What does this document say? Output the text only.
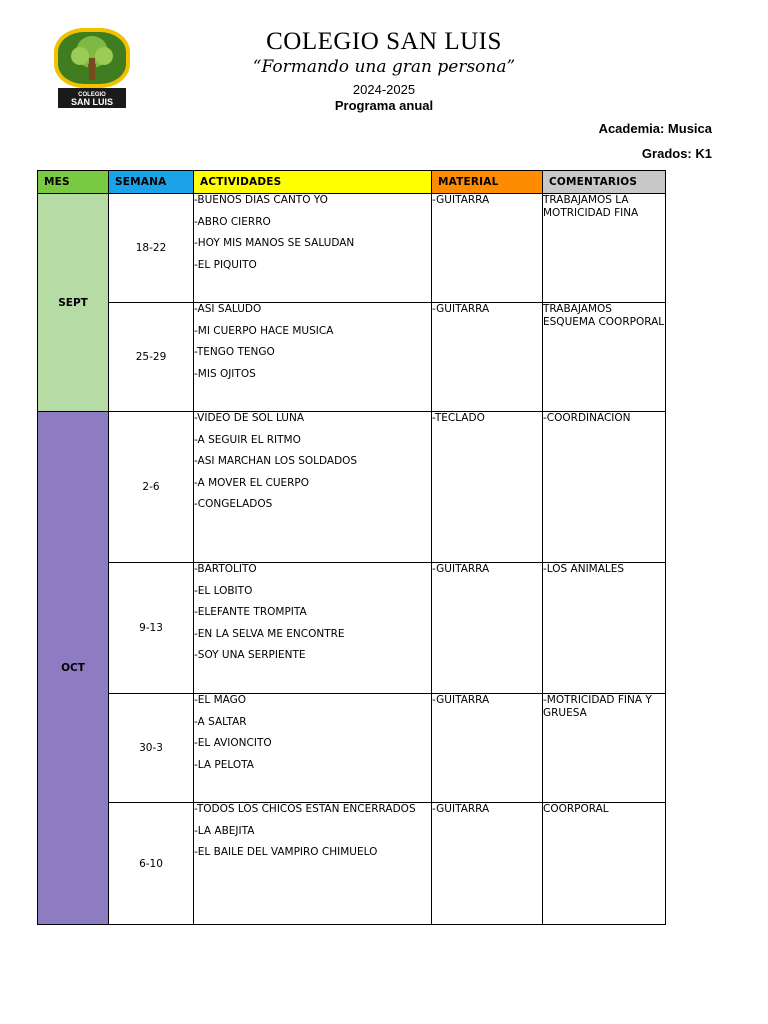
COLEGIO
SAN LUIS
COLEGIO SAN LUIS
“Formando una gran persona”
2024-2025
Programa anual
Academia: Musica
Grados: K1
MES	SEMANA	ACTIVIDADES	MATERIAL	COMENTARIOS
SEPT	18-22	-BUENOS DIAS CANTO YO
-ABRO CIERRO
-HOY MIS MANOS SE SALUDAN
-EL PIQUITO	-GUITARRA	TRABAJAMOS LA MOTRICIDAD FINA

	25-29	-ASI SALUDO
-MI CUERPO HACE MUSICA
-TENGO TENGO
-MIS OJITOS	-GUITARRA	TRABAJAMOS ESQUEMA COORPORAL

OCT	2-6	-VIDEO DE SOL LUNA
-A SEGUIR EL RITMO
-ASI MARCHAN LOS SOLDADOS
-A MOVER EL CUERPO
-CONGELADOS	-TECLADO	-COORDINACION

	9-13	-BARTOLITO
-EL LOBITO
-ELEFANTE TROMPITA
-EN LA SELVA ME ENCONTRE
-SOY UNA SERPIENTE	-GUITARRA	-LOS ANIMALES

	30-3	-EL MAGO
-A SALTAR
-EL AVIONCITO
-LA PELOTA	-GUITARRA	-MOTRICIDAD FINA Y GRUESA

	6-10	-TODOS LOS CHICOS ESTAN ENCERRADOS
-LA ABEJITA
-EL BAILE DEL VAMPIRO CHIMUELO	-GUITARRA	COORPORAL
